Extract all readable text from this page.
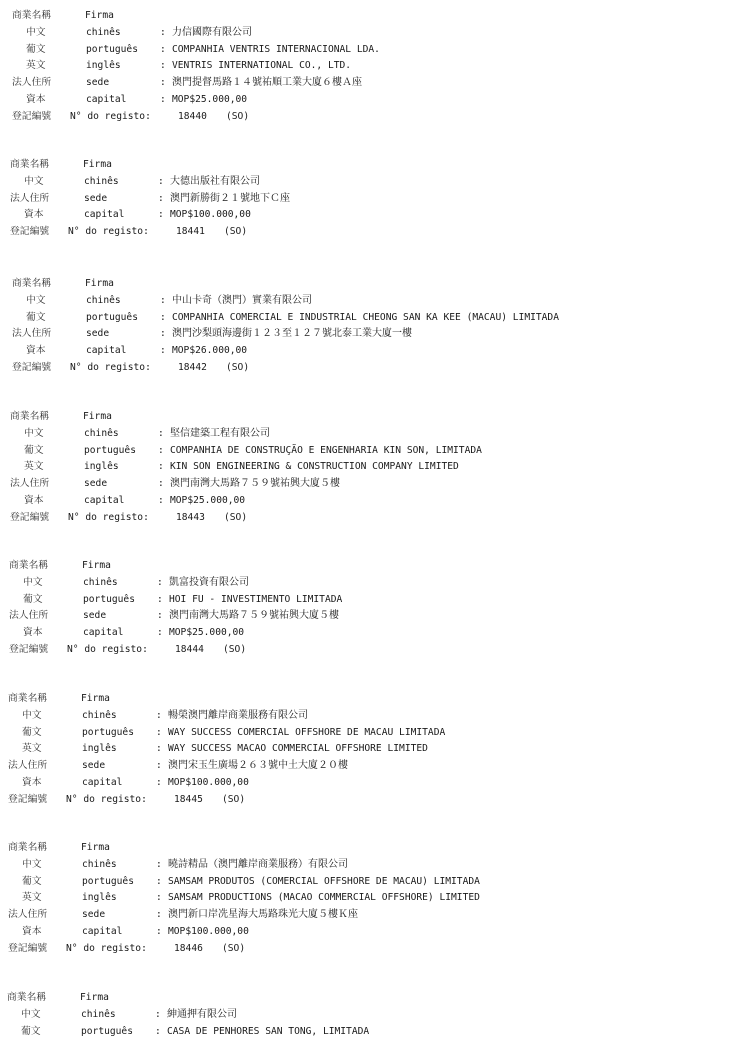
商業名稱	Firma
中文	chinês	: 力信國際有限公司
葡文	português : COMPANHIA VENTRIS INTERNACIONAL LDA.
英文	inglês	: VENTRIS INTERNATIONAL CO., LTD.
法人住所	sede	: 澳門提督馬路１４號祐順工業大廈６樓Ａ座
資本	capital	: MOP$25.000,00
登記編號 N° do registo:	18440 (SO)
商業名稱	Firma
中文	chinês	: 大德出版社有限公司
法人住所	sede	: 澳門新勝街２１號地下Ｃ座
資本	capital	: MOP$100.000,00
登記編號 N° do registo:	18441 (SO)
商業名稱	Firma
中文	chinês	: 中山卡奇（澳門）實業有限公司
葡文	português : COMPANHIA COMERCIAL E INDUSTRIAL CHEONG SAN KA KEE (MACAU) LIMITADA
法人住所	sede	: 澳門沙梨頭海邊街１２３至１２７號北泰工業大廈一樓
資本	capital	: MOP$26.000,00
登記編號 N° do registo:	18442 (SO)
商業名稱	Firma
中文	chinês	: 堅信建築工程有限公司
葡文	português : COMPANHIA DE CONSTRUÇÃO E ENGENHARIA KIN SON, LIMITADA
英文	inglês	: KIN SON ENGINEERING & CONSTRUCTION COMPANY LIMITED
法人住所	sede	: 澳門南灣大馬路７５９號祐興大廈５樓
資本	capital	: MOP$25.000,00
登記編號 N° do registo:	18443 (SO)
商業名稱	Firma
中文	chinês	: 凱富投資有限公司
葡文	português : HOI FU - INVESTIMENTO LIMITADA
法人住所	sede	: 澳門南灣大馬路７５９號祐興大廈５樓
資本	capital	: MOP$25.000,00
登記編號 N° do registo:	18444 (SO)
商業名稱	Firma
中文	chinês	: 暢榮澳門離岸商業服務有限公司
葡文	português : WAY SUCCESS COMERCIAL OFFSHORE DE MACAU LIMITADA
英文	inglês	: WAY SUCCESS MACAO COMMERCIAL OFFSHORE LIMITED
法人住所	sede	: 澳門宋玉生廣場２６３號中土大廈２０樓
資本	capital	: MOP$100.000,00
登記編號 N° do registo:	18445 (SO)
商業名稱	Firma
中文	chinês	: 曉詩精品（澳門離岸商業服務）有限公司
葡文	português : SAMSAM PRODUTOS (COMERCIAL OFFSHORE DE MACAU) LIMITADA
英文	inglês	: SAMSAM PRODUCTIONS (MACAO COMMERCIAL OFFSHORE) LIMITED
法人住所	sede	: 澳門新口岸冼星海大馬路珠光大廈５樓Ｋ座
資本	capital	: MOP$100.000,00
登記編號 N° do registo:	18446 (SO)
商業名稱	Firma
中文	chinês	: 紳通押有限公司
葡文	português : CASA DE PENHORES SAN TONG, LIMITADA
